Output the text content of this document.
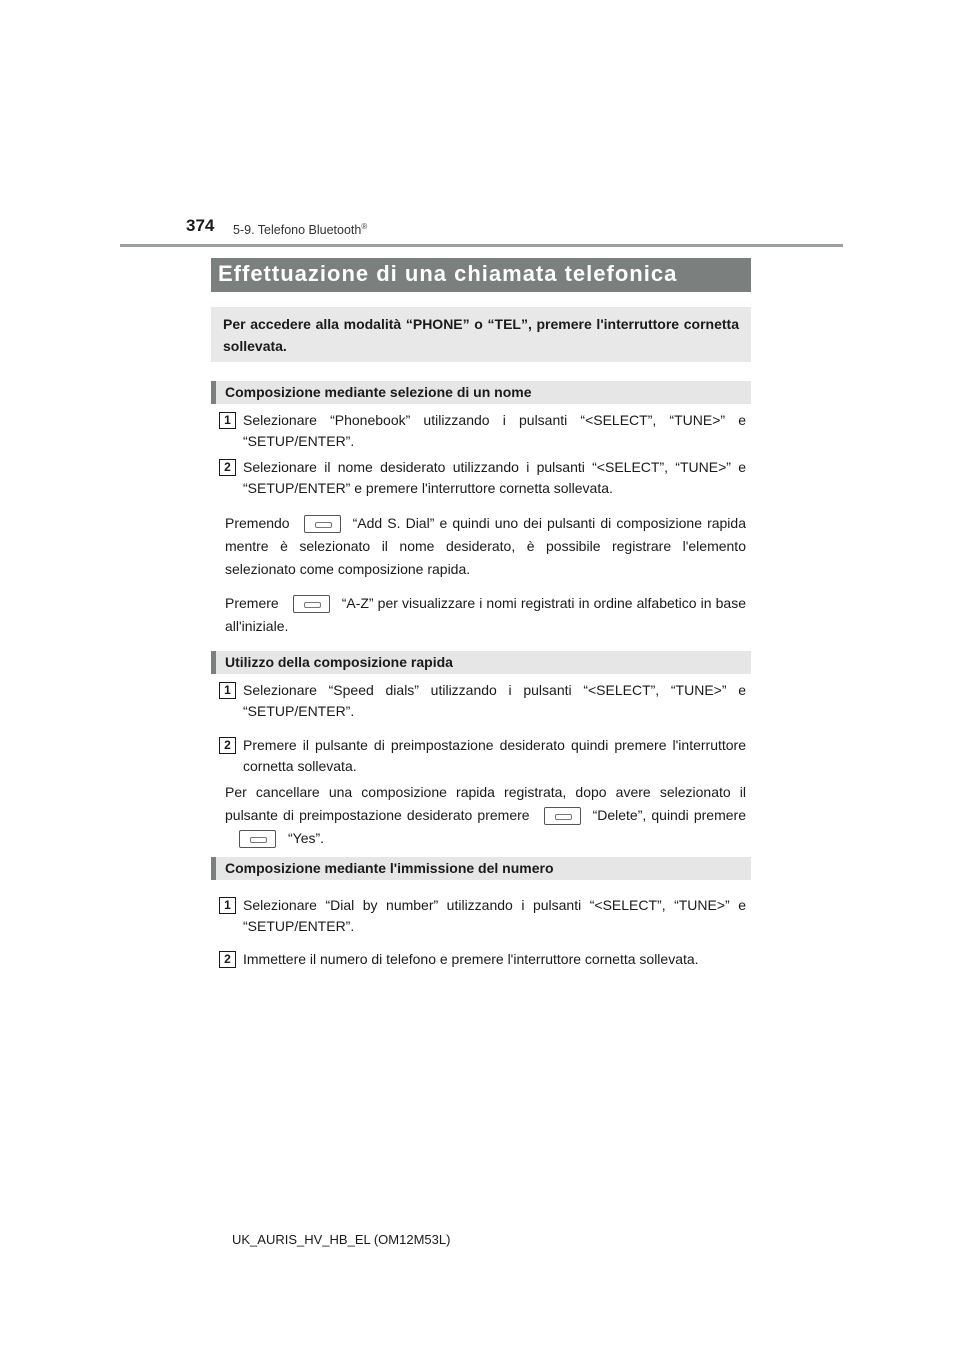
374 5-9. Telefono Bluetooth®
Effettuazione di una chiamata telefonica
Per accedere alla modalità “PHONE” o “TEL”, premere l'interruttore cornetta sollevata.
Composizione mediante selezione di un nome
1 Selezionare “Phonebook” utilizzando i pulsanti “<SELECT”, “TUNE>” e “SETUP/ENTER”.
2 Selezionare il nome desiderato utilizzando i pulsanti “<SELECT”, “TUNE>” e “SETUP/ENTER” e premere l'interruttore cornetta sollevata.
Premendo	“Add S. Dial” e quindi uno dei pulsanti di composizione rapida mentre è selezionato il nome desiderato, è possibile registrare l'elemento selezionato come composizione rapida.
Premere	“A-Z” per visualizzare i nomi registrati in ordine alfabetico in base all'iniziale.
Utilizzo della composizione rapida
1 Selezionare “Speed dials” utilizzando i pulsanti “<SELECT”, “TUNE>” e “SETUP/ENTER”.
2 Premere il pulsante di preimpostazione desiderato quindi premere l'interruttore cornetta sollevata.
Per cancellare una composizione rapida registrata, dopo avere selezionato il pulsante di preimpostazione desiderato premere	“Delete”, quindi premere“Yes”.
Composizione mediante l'immissione del numero
1 Selezionare “Dial by number” utilizzando i pulsanti “<SELECT”, “TUNE>” e “SETUP/ENTER”.
2 Immettere il numero di telefono e premere l'interruttore cornetta sollevata.
UK_AURIS_HV_HB_EL (OM12M53L)
